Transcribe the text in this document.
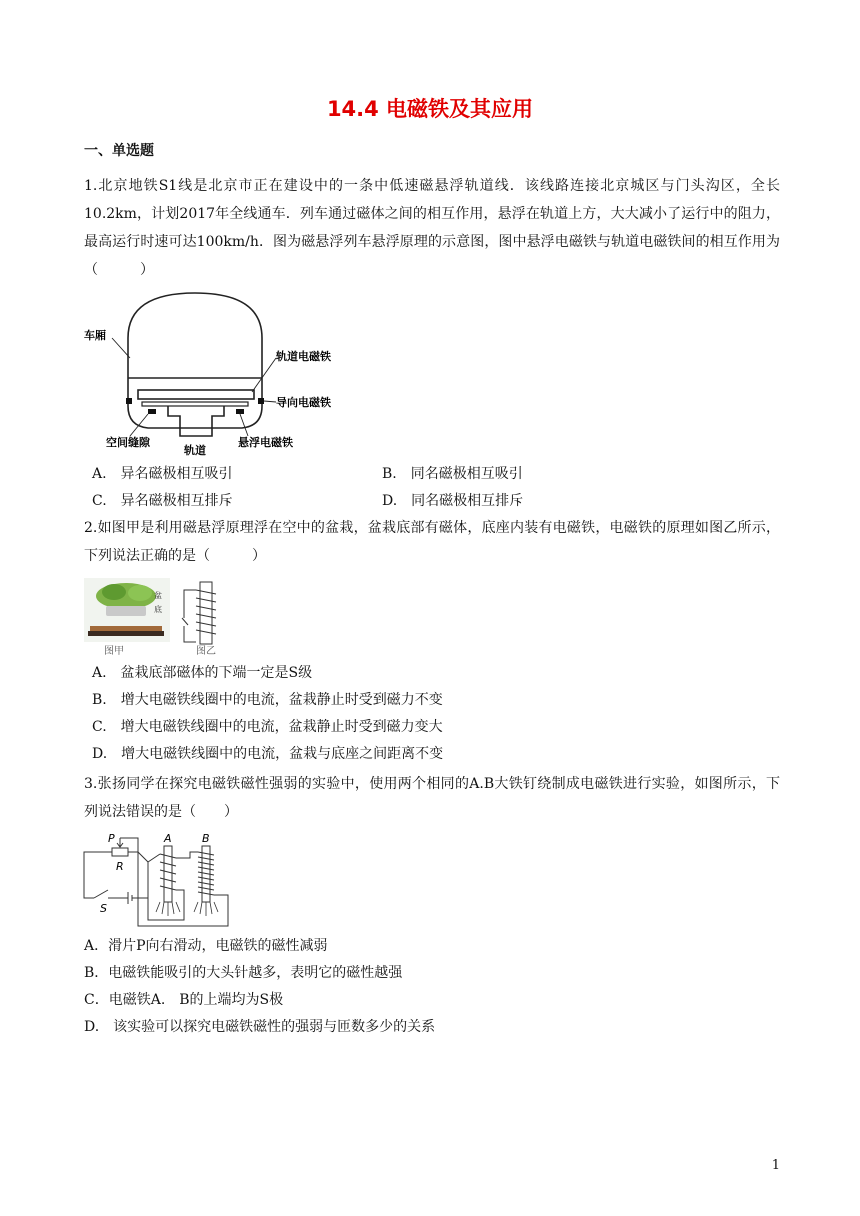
14.4 电磁铁及其应用
一、单选题
1.北京地铁S1线是北京市正在建设中的一条中低速磁悬浮轨道线．该线路连接北京城区与门头沟区，全长10.2km，计划2017年全线通车．列车通过磁体之间的相互作用，悬浮在轨道上方，大大减小了运行中的阻力，最高运行时速可达100km/h．图为磁悬浮列车悬浮原理的示意图，图中悬浮电磁铁与轨道电磁铁间的相互作用为（　　　）
车厢
轨道电磁铁
导向电磁铁
空间缝隙
轨道
悬浮电磁铁
A.　异名磁极相互吸引	B.　同名磁极相互吸引
C.　异名磁极相互排斥	D.　同名磁极相互排斥
2.如图甲是利用磁悬浮原理浮在空中的盆栽，盆栽底部有磁体，底座内装有电磁铁，电磁铁的原理如图乙所示，下列说法正确的是（　　　）
图甲
盆
底
图乙
A.　盆栽底部磁体的下端一定是S级
B.　增大电磁铁线圈中的电流，盆栽静止时受到磁力不变
C.　增大电磁铁线圈中的电流，盆栽静止时受到磁力变大
D.　增大电磁铁线圈中的电流，盆栽与底座之间距离不变
3.张扬同学在探究电磁铁磁性强弱的实验中，使用两个相同的A.B大铁钉绕制成电磁铁进行实验，如图所示，下列说法错误的是（　　）
P
R
S
A	B
A．滑片P向右滑动，电磁铁的磁性减弱
B．电磁铁能吸引的大头针越多，表明它的磁性越强
C．电磁铁A.　B的上端均为S极
D.　该实验可以探究电磁铁磁性的强弱与匝数多少的关系
1
